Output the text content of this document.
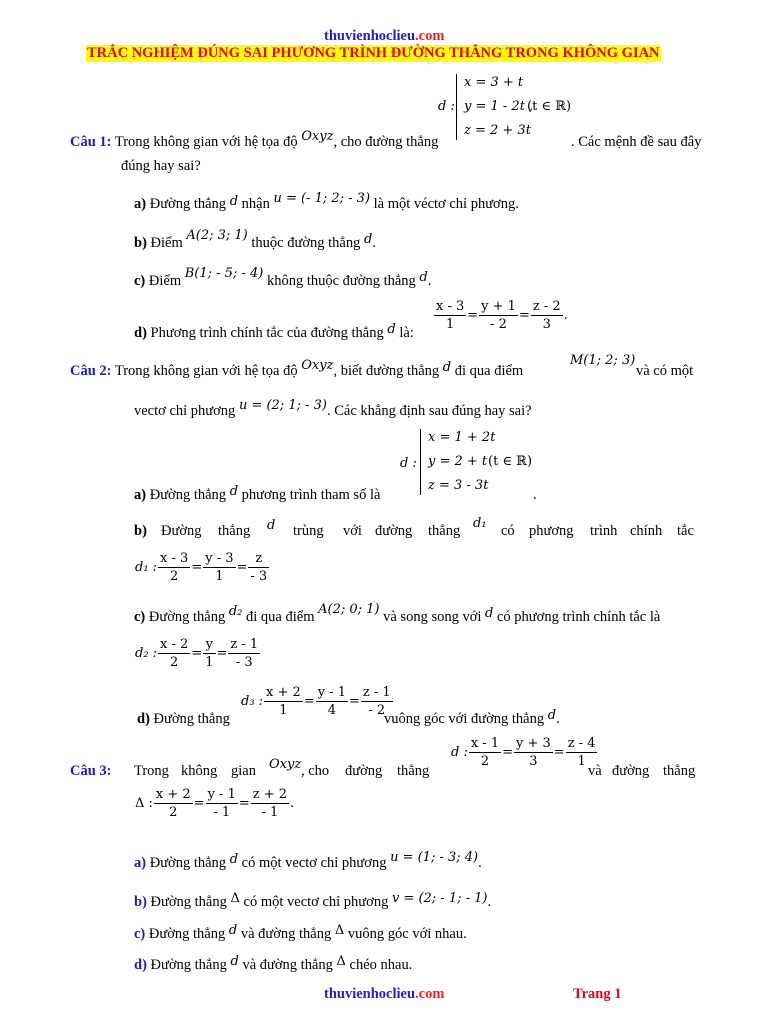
thuvienhoclieu.com
TRẮC NGHIỆM ĐÚNG SAI PHƯƠNG TRÌNH ĐƯỜNG THẲNG TRONG KHÔNG GIAN
d :
x = 3 + t
y = 1 - 2t ,
z = 2 + 3t
(t ∈ ℝ)
Câu 1: Trong không gian với hệ tọa độ Oxyz, cho đường thẳng	. Các mệnh đề sau đây
đúng hay sai?
a) Đường thẳng d nhận u = (- 1; 2; - 3) là một véctơ chỉ phương.
b) Điểm A(2; 3; 1) thuộc đường thẳng d.
c) Điểm B(1; - 5; - 4) không thuộc đường thẳng d.
d) Phương trình chính tắc của đường thẳng d là: $\frac{x - 3}{1} = \frac{y + 1}{- 2} = \frac{z - 2}{3}$ .
Câu 2: Trong không gian với hệ tọa độ Oxyz, biết đường thẳng d đi qua điểm
M(1; 2; 3)
và có một
vectơ chỉ phương u = (2; 1; - 3). Các khẳng định sau đúng hay sai?
d :
x = 1 + 2t
y = 2 + t
z = 3 - 3t
(t ∈ ℝ)
a) Đường thẳng d phương trình tham số là	.
b) Đường thẳng d trùng với đường thẳng d₁ có phương trình chính tắc
d₁ : $\frac{x - 3}{2} = \frac{y - 3}{1} = \frac{z}{- 3}$
c) Đường thẳng d₂ đi qua điểm A(2; 0; 1) và song song với d có phương trình chính tắc là
d₂ : $\frac{x - 2}{2} = \frac{y}{1} = \frac{z - 1}{- 3}$
d) Đường thẳng
d₃ : $\frac{x + 2}{1} = \frac{y - 1}{4} = \frac{z - 1}{- 2}$
vuông góc với đường thẳng d.
Câu 3: Trong không gian Oxyz , cho đường thẳng
d : $\frac{x - 1}{2} = \frac{y + 3}{3} = \frac{z - 4}{1}$
và đường thẳng
Δ : $\frac{x + 2}{2} = \frac{y - 1}{- 1} = \frac{z + 2}{- 1}$ .
a) Đường thẳng d có một vectơ chỉ phương u = (1; - 3; 4).
b) Đường thẳng Δ có một vectơ chỉ phương v = (2; - 1; - 1).
c) Đường thẳng d và đường thẳng Δ vuông góc với nhau.
d) Đường thẳng d và đường thẳng Δ chéo nhau.
thuvienhoclieu.com	Trang 1
